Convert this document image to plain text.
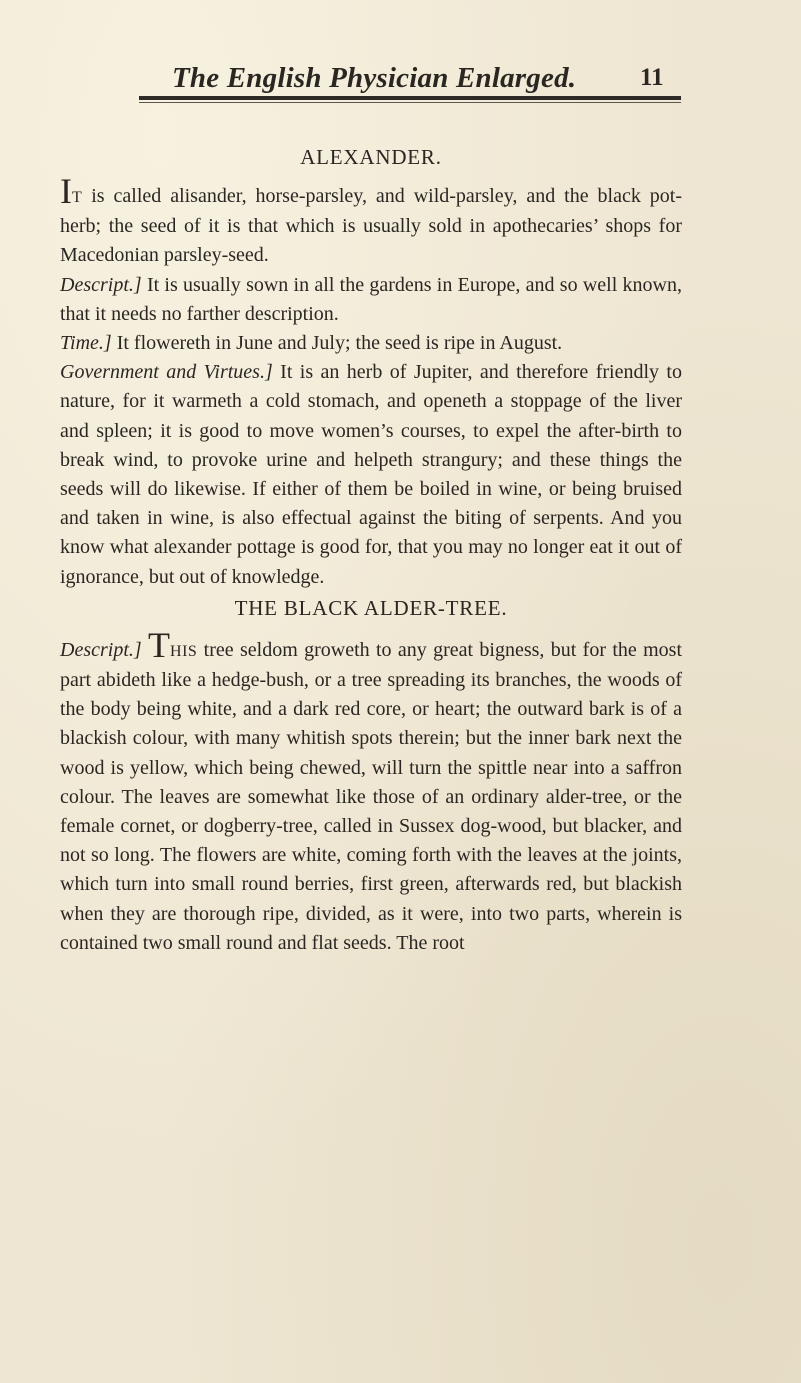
The English Physician Enlarged.	11
ALEXANDER.

IT is called alisander, horse-parsley, and wild-parsley, and the black pot-herb; the seed of it is that which is usually sold in apothecaries’ shops for Macedonian parsley-seed.

Descript.] It is usually sown in all the gardens in Europe, and so well known, that it needs no farther description.

Time.] It flowereth in June and July; the seed is ripe in August.

Government and Virtues.] It is an herb of Jupiter, and therefore friendly to nature, for it warmeth a cold stomach, and openeth a stoppage of the liver and spleen; it is good to move women’s courses, to expel the after-birth to break wind, to provoke urine and helpeth strangury; and these things the seeds will do likewise. If either of them be boiled in wine, or being bruised and taken in wine, is also effectual against the biting of serpents. And you know what alexander pottage is good for, that you may no longer eat it out of ignorance, but out of knowledge.

THE BLACK ALDER-TREE.

Descript.] THIS tree seldom groweth to any great bigness, but for the most part abideth like a hedge-bush, or a tree spreading its branches, the woods of the body being white, and a dark red core, or heart; the outward bark is of a blackish colour, with many whitish spots therein; but the inner bark next the wood is yellow, which being chewed, will turn the spittle near into a saffron colour. The leaves are somewhat like those of an ordinary alder-tree, or the female cornet, or dogberry-tree, called in Sussex dog-wood, but blacker, and not so long. The flowers are white, coming forth with the leaves at the joints, which turn into small round berries, first green, afterwards red, but blackish when they are thorough ripe, divided, as it were, into two parts, wherein is contained two small round and flat seeds. The root
